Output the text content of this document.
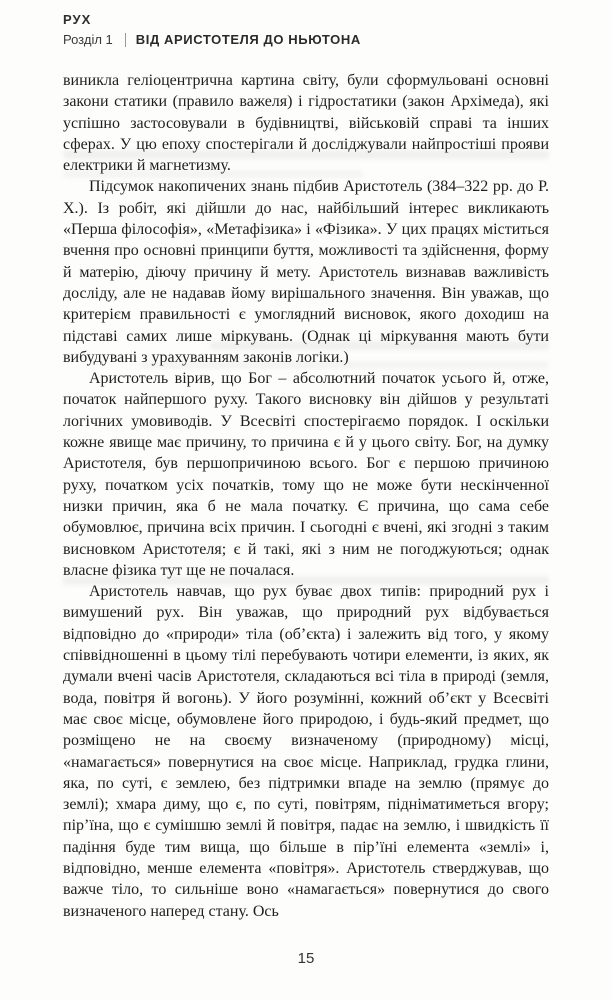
РУХ
Розділ 1 ВІД АРИСТОТЕЛЯ ДО НЬЮТОНА

виникла геліоцентрична картина світу, були сформульовані основні закони статики (правило важеля) і гідростатики (закон Архімеда), які успішно застосовували в будівництві, військовій справі та інших сферах. У цю епоху спостерігали й досліджували найпростіші прояви електрики й магнетизму.

Підсумок накопичених знань підбив Аристотель (384–322 рр. до Р. Х.). Із робіт, які дійшли до нас, найбільший інтерес викликають «Перша філософія», «Метафізика» і «Фізика». У цих працях міститься вчення про основні принципи буття, можливості та здійснення, форму й матерію, діючу причину й мету. Аристотель визнавав важливість досліду, але не надавав йому вирішального значення. Він уважав, що критерієм правильності є умоглядний висновок, якого доходиш на підставі самих лише міркувань. (Однак ці міркування мають бути вибудувані з урахуванням законів логіки.)

Аристотель вірив, що Бог – абсолютний початок усього й, отже, початок найпершого руху. Такого висновку він дійшов у результаті логічних умовиводів. У Всесвіті спостерігаємо порядок. І оскільки кожне явище має причину, то причина є й у цього світу. Бог, на думку Аристотеля, був першопричиною всього. Бог є першою причиною руху, початком усіх початків, тому що не може бути нескінченної низки причин, яка б не мала початку. Є причина, що сама себе обумовлює, причина всіх причин. І сьогодні є вчені, які згодні з таким висновком Аристотеля; є й такі, які з ним не погоджуються; однак власне фізика тут ще не почалася.

Аристотель навчав, що рух буває двох типів: природний рух і вимушений рух. Він уважав, що природний рух відбувається відповідно до «природи» тіла (об’єкта) і залежить від того, у якому співвідношенні в цьому тілі перебувають чотири елементи, із яких, як думали вчені часів Аристотеля, складаються всі тіла в природі (земля, вода, повітря й вогонь). У його розумінні, кожний об’єкт у Всесвіті має своє місце, обумовлене його природою, і будь-який предмет, що розміщено не на своєму визначеному (природному) місці, «намагається» повернутися на своє місце. Наприклад, грудка глини, яка, по суті, є землею, без підтримки впаде на землю (прямує до землі); хмара диму, що є, по суті, повітрям, підніматиметься вгору; пір’їна, що є сумішшю землі й повітря, падає на землю, і швидкість її падіння буде тим вища, що більше в пір’їні елемента «землі» і, відповідно, менше елемента «повітря». Аристотель стверджував, що важче тіло, то сильніше воно «намагається» повернутися до свого визначеного наперед стану. Ось

15
